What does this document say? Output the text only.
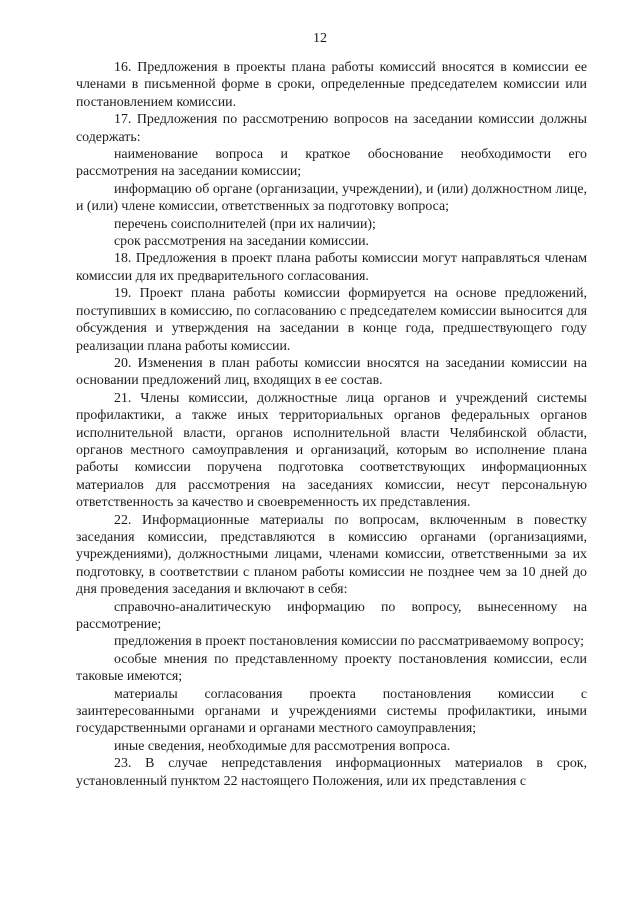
12

16. Предложения в проекты плана работы комиссий вносятся в комиссии ее членами в письменной форме в сроки, определенные председателем комиссии или постановлением комиссии.

17. Предложения по рассмотрению вопросов на заседании комиссии должны содержать:

наименование вопроса и краткое обоснование необходимости его рассмотрения на заседании комиссии;

информацию об органе (организации, учреждении), и (или) должностном лице, и (или) члене комиссии, ответственных за подготовку вопроса;

перечень соисполнителей (при их наличии);

срок рассмотрения на заседании комиссии.

18. Предложения в проект плана работы комиссии могут направляться членам комиссии для их предварительного согласования.

19. Проект плана работы комиссии формируется на основе предложений, поступивших в комиссию, по согласованию с председателем комиссии выносится для обсуждения и утверждения на заседании в конце года, предшествующего году реализации плана работы комиссии.

20. Изменения в план работы комиссии вносятся на заседании комиссии на основании предложений лиц, входящих в ее состав.

21. Члены комиссии, должностные лица органов и учреждений системы профилактики, а также иных территориальных органов федеральных органов исполнительной власти, органов исполнительной власти Челябинской области, органов местного самоуправления и организаций, которым во исполнение плана работы комиссии поручена подготовка соответствующих информационных материалов для рассмотрения на заседаниях комиссии, несут персональную ответственность за качество и своевременность их представления.

22. Информационные материалы по вопросам, включенным в повестку заседания комиссии, представляются в комиссию органами (организациями, учреждениями), должностными лицами, членами комиссии, ответственными за их подготовку, в соответствии с планом работы комиссии не позднее чем за 10 дней до дня проведения заседания и включают в себя:

справочно-аналитическую информацию по вопросу, вынесенному на рассмотрение;

предложения в проект постановления комиссии по рассматриваемому вопросу;

особые мнения по представленному проекту постановления комиссии, если таковые имеются;

материалы согласования проекта постановления комиссии с заинтересованными органами и учреждениями системы профилактики, иными государственными органами и органами местного самоуправления;

иные сведения, необходимые для рассмотрения вопроса.

23. В случае непредставления информационных материалов в срок, установленный пунктом 22 настоящего Положения, или их представления с
